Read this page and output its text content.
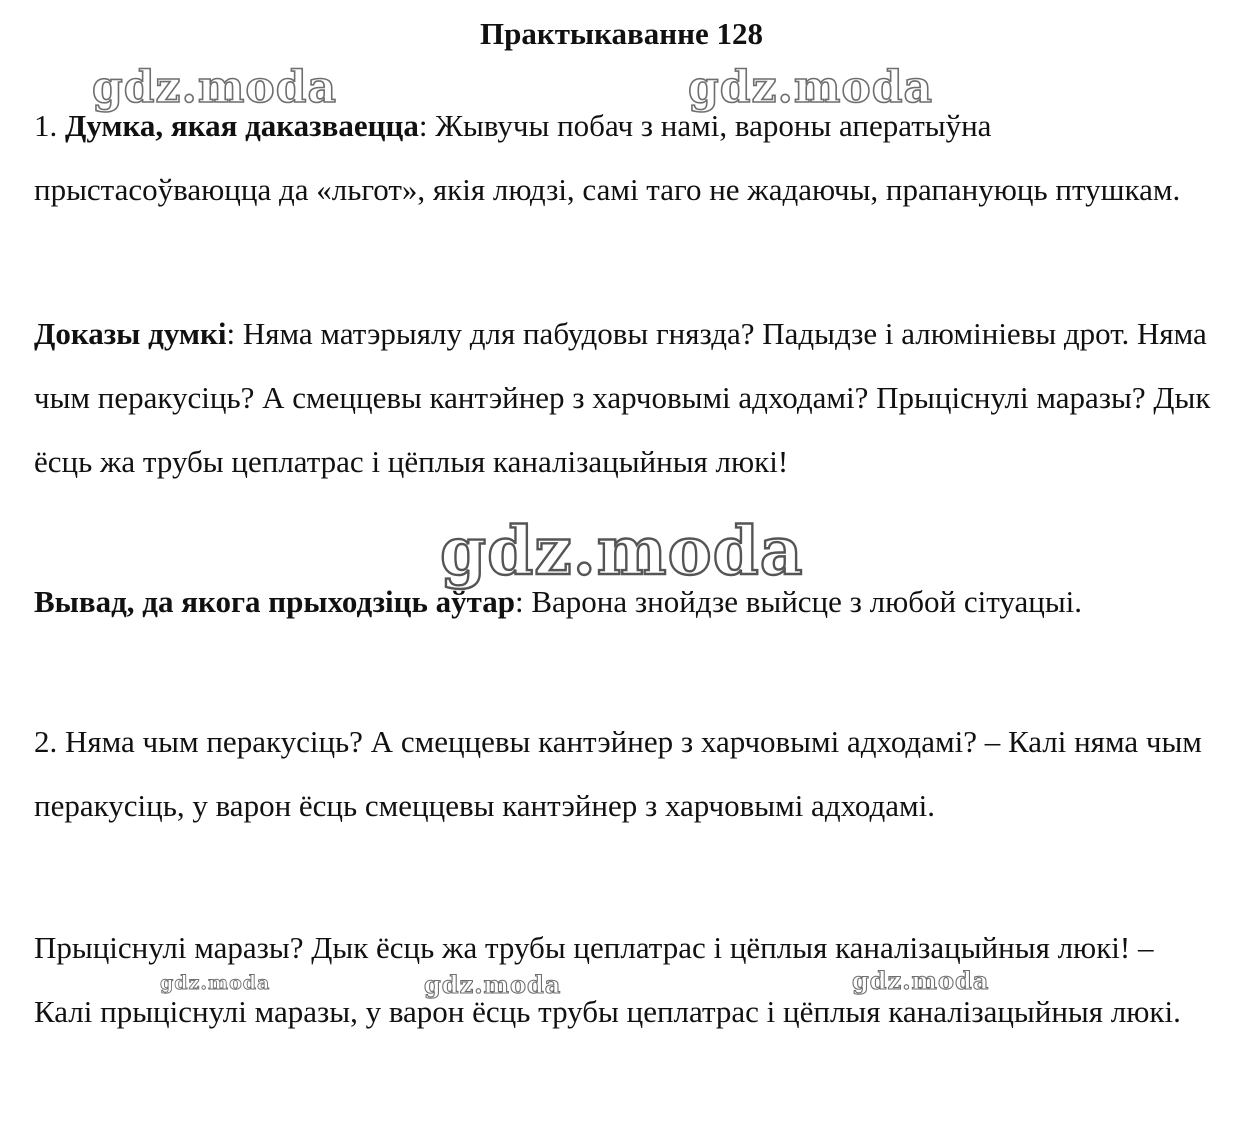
Практыкаванне 128

1. Думка, якая даказваецца: Жывучы побач з намі, вароны аператыўна прыстасоўваюцца да «льгот», якія людзі, самі таго не жадаючы, прапануюць птушкам.

Доказы думкі: Няма матэрыялу для пабудовы гнязда? Падыдзе і алюмініевы дрот. Няма чым перакусіць? А смеццевы кантэйнер з харчовымі адходамі? Прыціснулі маразы? Дык ёсць жа трубы цеплатрас і цёплыя каналізацыйныя люкі!

Вывад, да якога прыходзіць аўтар: Варона знойдзе выйсце з любой сітуацыі.

2. Няма чым перакусіць? А смеццевы кантэйнер з харчовымі адходамі? – Калі няма чым перакусіць, у варон ёсць смеццевы кантэйнер з харчовымі адходамі.

Прыціснулі маразы? Дык ёсць жа трубы цеплатрас і цёплыя каналізацыйныя люкі! – Калі прыціснулі маразы, у варон ёсць трубы цеплатрас і цёплыя каналізацыйныя люкі.

gdz.moda	gdz.moda
gdz.moda
gdz.moda	gdz.moda	gdz.moda
